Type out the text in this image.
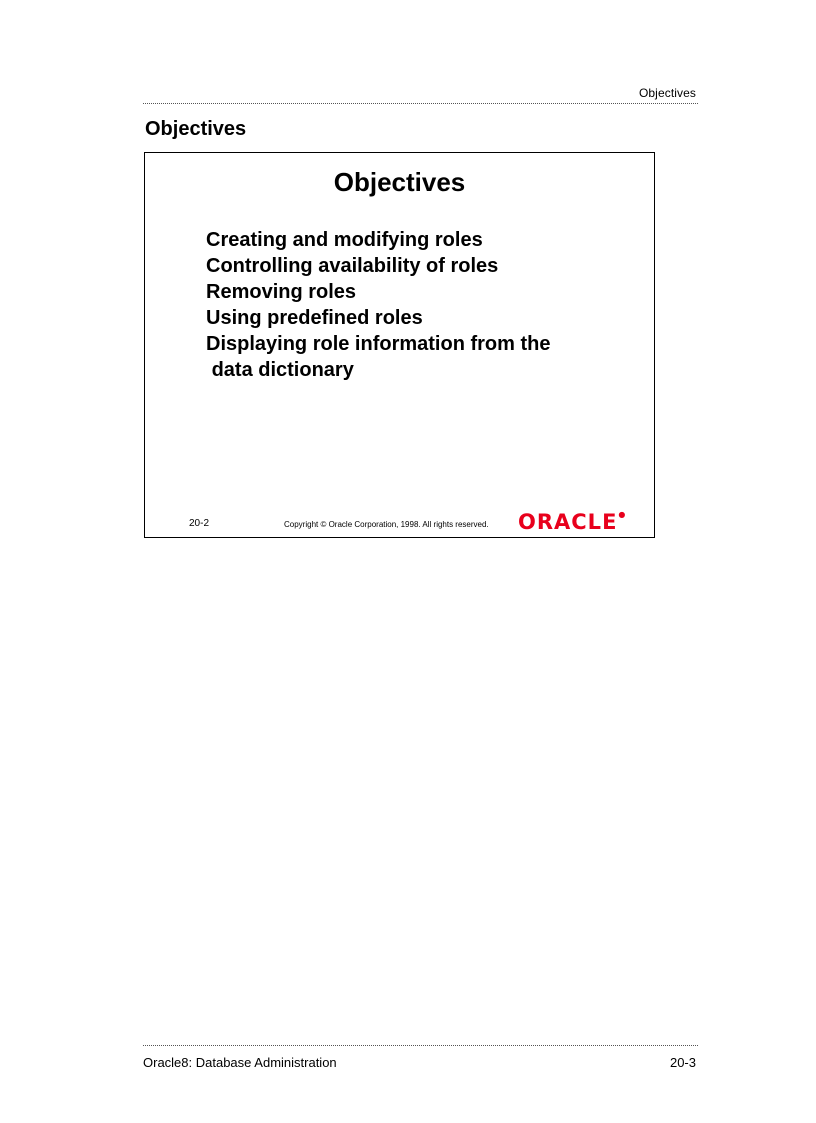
Objectives
Objectives
Objectives
Creating and modifying roles
Controlling availability of roles
Removing roles
Using predefined roles
Displaying role information from the
data dictionary
20-2	Copyright © Oracle Corporation, 1998. All rights reserved. ORACLE●
Oracle8: Database Administration	20-3
